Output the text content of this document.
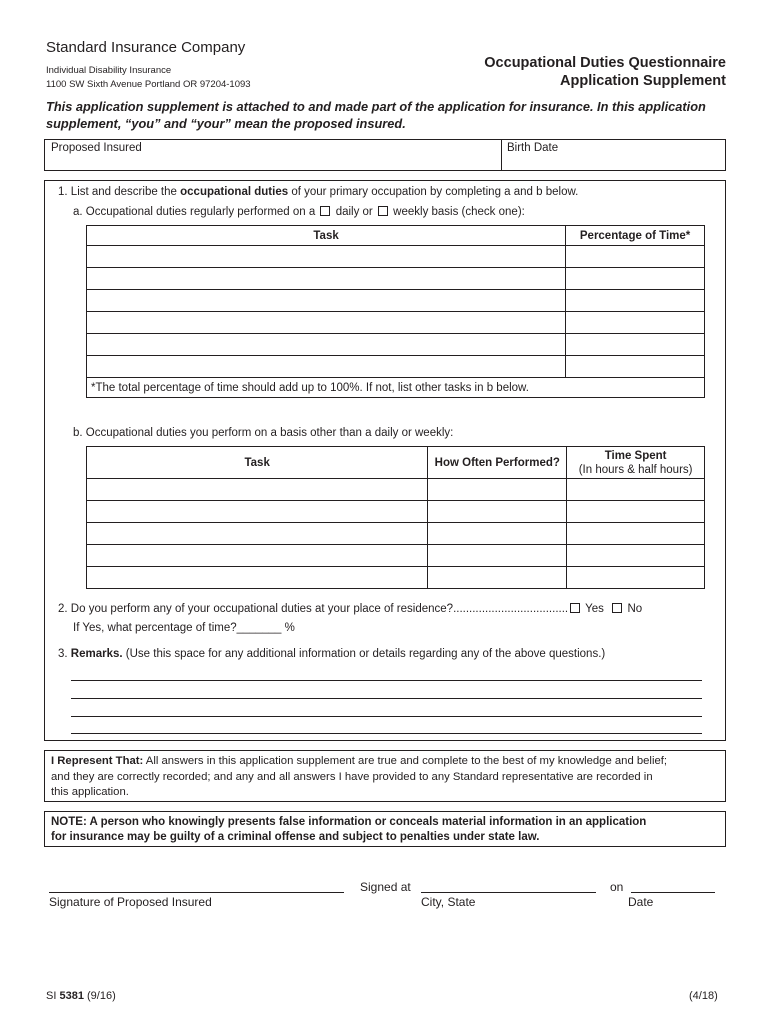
Standard Insurance Company
Individual Disability Insurance
1100 SW Sixth Avenue Portland OR 97204-1093
Occupational Duties Questionnaire
Application Supplement
This application supplement is attached to and made part of the application for insurance. In this application supplement, “you” and “your” mean the proposed insured.
Proposed Insured	Birth Date
1. List and describe the occupational duties of your primary occupation by completing a and b below.
a. Occupational duties regularly performed on a daily or weekly basis (check one):
Task	Percentage of Time*

*The total percentage of time should add up to 100%. If not, list other tasks in b below.	
b. Occupational duties you perform on a basis other than a daily or weekly:
Task	How Often Performed?	Time Spent
(In hours & half hours)

2. Do you perform any of your occupational duties at your place of residence?.................................... Yes No
If Yes, what percentage of time?_______ %
3. Remarks. (Use this space for any additional information or details regarding any of the above questions.)
I Represent That: All answers in this application supplement are true and complete to the best of my knowledge and belief;
and they are correctly recorded; and any and all answers I have provided to any Standard representative are recorded in
this application.
NOTE: A person who knowingly presents false information or conceals material information in an application
for insurance may be guilty of a criminal offense and subject to penalties under state law.
Signed at	on
Signature of Proposed Insured	City, State	Date
SI 5381 (9/16)	(4/18)
